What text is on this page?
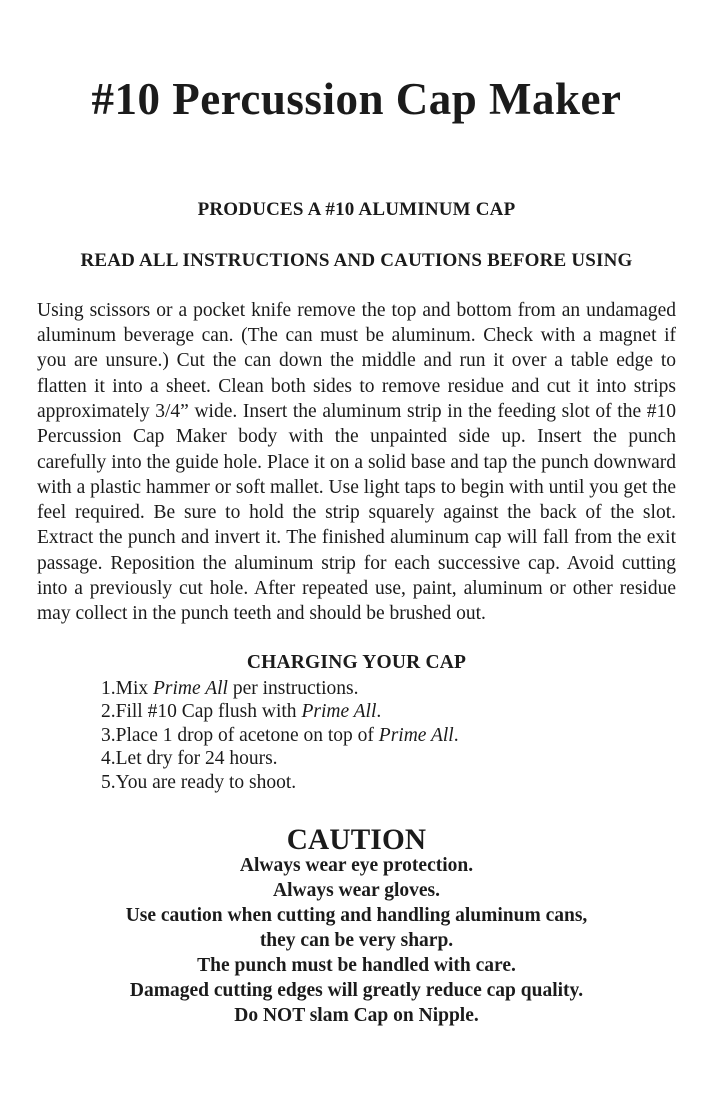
#10 Percussion Cap Maker

PRODUCES A #10 ALUMINUM CAP

READ ALL INSTRUCTIONS AND CAUTIONS BEFORE USING

Using scissors or a pocket knife remove the top and bottom from an undamaged aluminum beverage can. (The can must be aluminum. Check with a magnet if you are unsure.) Cut the can down the middle and run it over a table edge to flatten it into a sheet. Clean both sides to remove residue and cut it into strips approximately 3/4” wide. Insert the aluminum strip in the feeding slot of the #10 Percussion Cap Maker body with the unpainted side up. Insert the punch carefully into the guide hole. Place it on a solid base and tap the punch downward with a plastic hammer or soft mallet. Use light taps to begin with until you get the feel required. Be sure to hold the strip squarely against the back of the slot. Extract the punch and invert it. The finished aluminum cap will fall from the exit passage. Reposition the aluminum strip for each successive cap. Avoid cutting into a previously cut hole. After repeated use, paint, aluminum or other residue may collect in the punch teeth and should be brushed out.

CHARGING YOUR CAP
1.Mix Prime All per instructions.
2.Fill #10 Cap flush with Prime All.
3.Place 1 drop of acetone on top of Prime All.
4.Let dry for 24 hours.
5.You are ready to shoot.
CAUTION

Always wear eye protection.

Always wear gloves.

Use caution when cutting and handling aluminum cans,

they can be very sharp.

The punch must be handled with care.

Damaged cutting edges will greatly reduce cap quality.

Do NOT slam Cap on Nipple.
